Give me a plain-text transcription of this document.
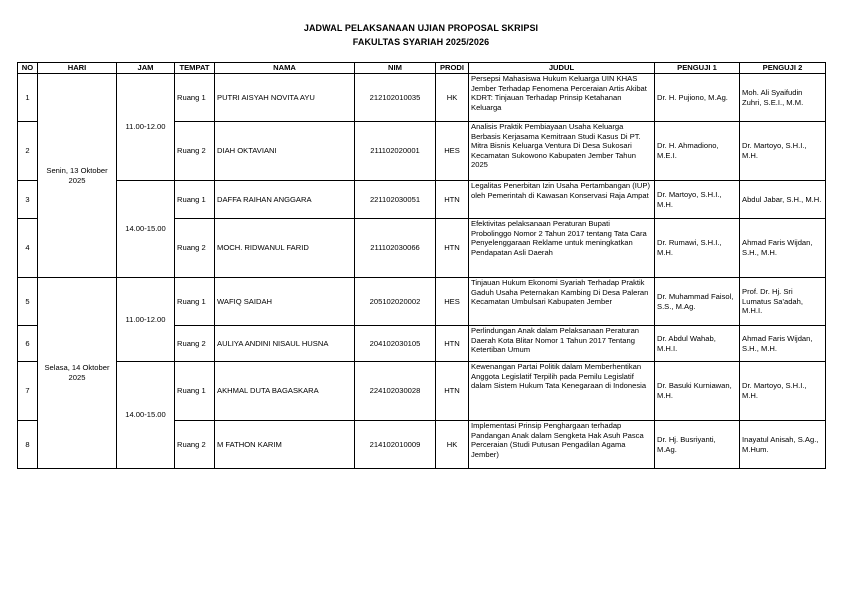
JADWAL PELAKSANAAN UJIAN PROPOSAL SKRIPSI
FAKULTAS SYARIAH 2025/2026
NO	HARI	JAM	TEMPAT	NAMA	NIM	PRODI	JUDUL	PENGUJI 1	PENGUJI 2
1	Senin, 13 Oktober 2025	11.00-12.00	Ruang 1	PUTRI AISYAH NOVITA AYU	212102010035	HK	Persepsi Mahasiswa Hukum Keluarga UIN KHAS Jember Terhadap Fenomena Perceraian Artis Akibat KDRT: Tinjauan Terhadap Prinsip Ketahanan Keluarga	Dr. H. Pujiono, M.Ag.	Moh. Ali Syaifudin Zuhri, S.E.I., M.M.
2			Ruang 2	DIAH OKTAVIANI	211102020001	HES	Analisis Praktik Pembiayaan Usaha Keluarga Berbasis Kerjasama Kemitraan Studi Kasus Di PT. Mitra Bisnis Keluarga Ventura Di Desa Sukosari Kecamatan Sukowono Kabupaten Jember Tahun 2025	Dr. H. Ahmadiono, M.E.I.	Dr. Martoyo, S.H.I., M.H.
3		14.00-15.00	Ruang 1	DAFFA RAIHAN ANGGARA	221102030051	HTN	Legalitas Penerbitan Izin Usaha Pertambangan (IUP) oleh Pemerintah di Kawasan Konservasi Raja Ampat	Dr. Martoyo, S.H.I., M.H.	Abdul Jabar, S.H., M.H.
4			Ruang 2	MOCH. RIDWANUL FARID	211102030066	HTN	Efektivitas pelaksanaan Peraturan Bupati Probolinggo Nomor 2 Tahun 2017 tentang Tata Cara Penyelenggaraan Reklame untuk meningkatkan Pendapatan Asli Daerah	Dr. Rumawi, S.H.I., M.H.	Ahmad Faris Wijdan, S.H., M.H.
5	Selasa, 14 Oktober 2025	11.00-12.00	Ruang 1	WAFIQ SAIDAH	205102020002	HES	Tinjauan Hukum Ekonomi Syariah Terhadap Praktik Gaduh Usaha Peternakan Kambing Di Desa Paleran Kecamatan Umbulsari Kabupaten Jember	Dr. Muhammad Faisol, S.S., M.Ag.	Prof. Dr. Hj. Sri Lumatus Sa'adah, M.H.I.
6			Ruang 2	AULIYA ANDINI NISAUL HUSNA	204102030105	HTN	Perlindungan Anak dalam Pelaksanaan Peraturan Daerah Kota Blitar Nomor 1 Tahun 2017 Tentang Ketertiban Umum	Dr. Abdul Wahab, M.H.I.	Ahmad Faris Wijdan, S.H., M.H.
7		14.00-15.00	Ruang 1	AKHMAL DUTA BAGASKARA	224102030028	HTN	Kewenangan Partai Politik dalam Memberhentikan Anggota Legislatif Terpilih pada Pemilu Legislatif dalam Sistem Hukum Tata Kenegaraan di Indonesia	Dr. Basuki Kurniawan, M.H.	Dr. Martoyo, S.H.I., M.H.
8			Ruang 2	M FATHON KARIM	214102010009	HK	Implementasi Prinsip Penghargaan terhadap Pandangan Anak dalam Sengketa Hak Asuh Pasca Perceraian (Studi Putusan Pengadilan Agama Jember)	Dr. Hj. Busriyanti, M.Ag.	Inayatul Anisah, S.Ag., M.Hum.
